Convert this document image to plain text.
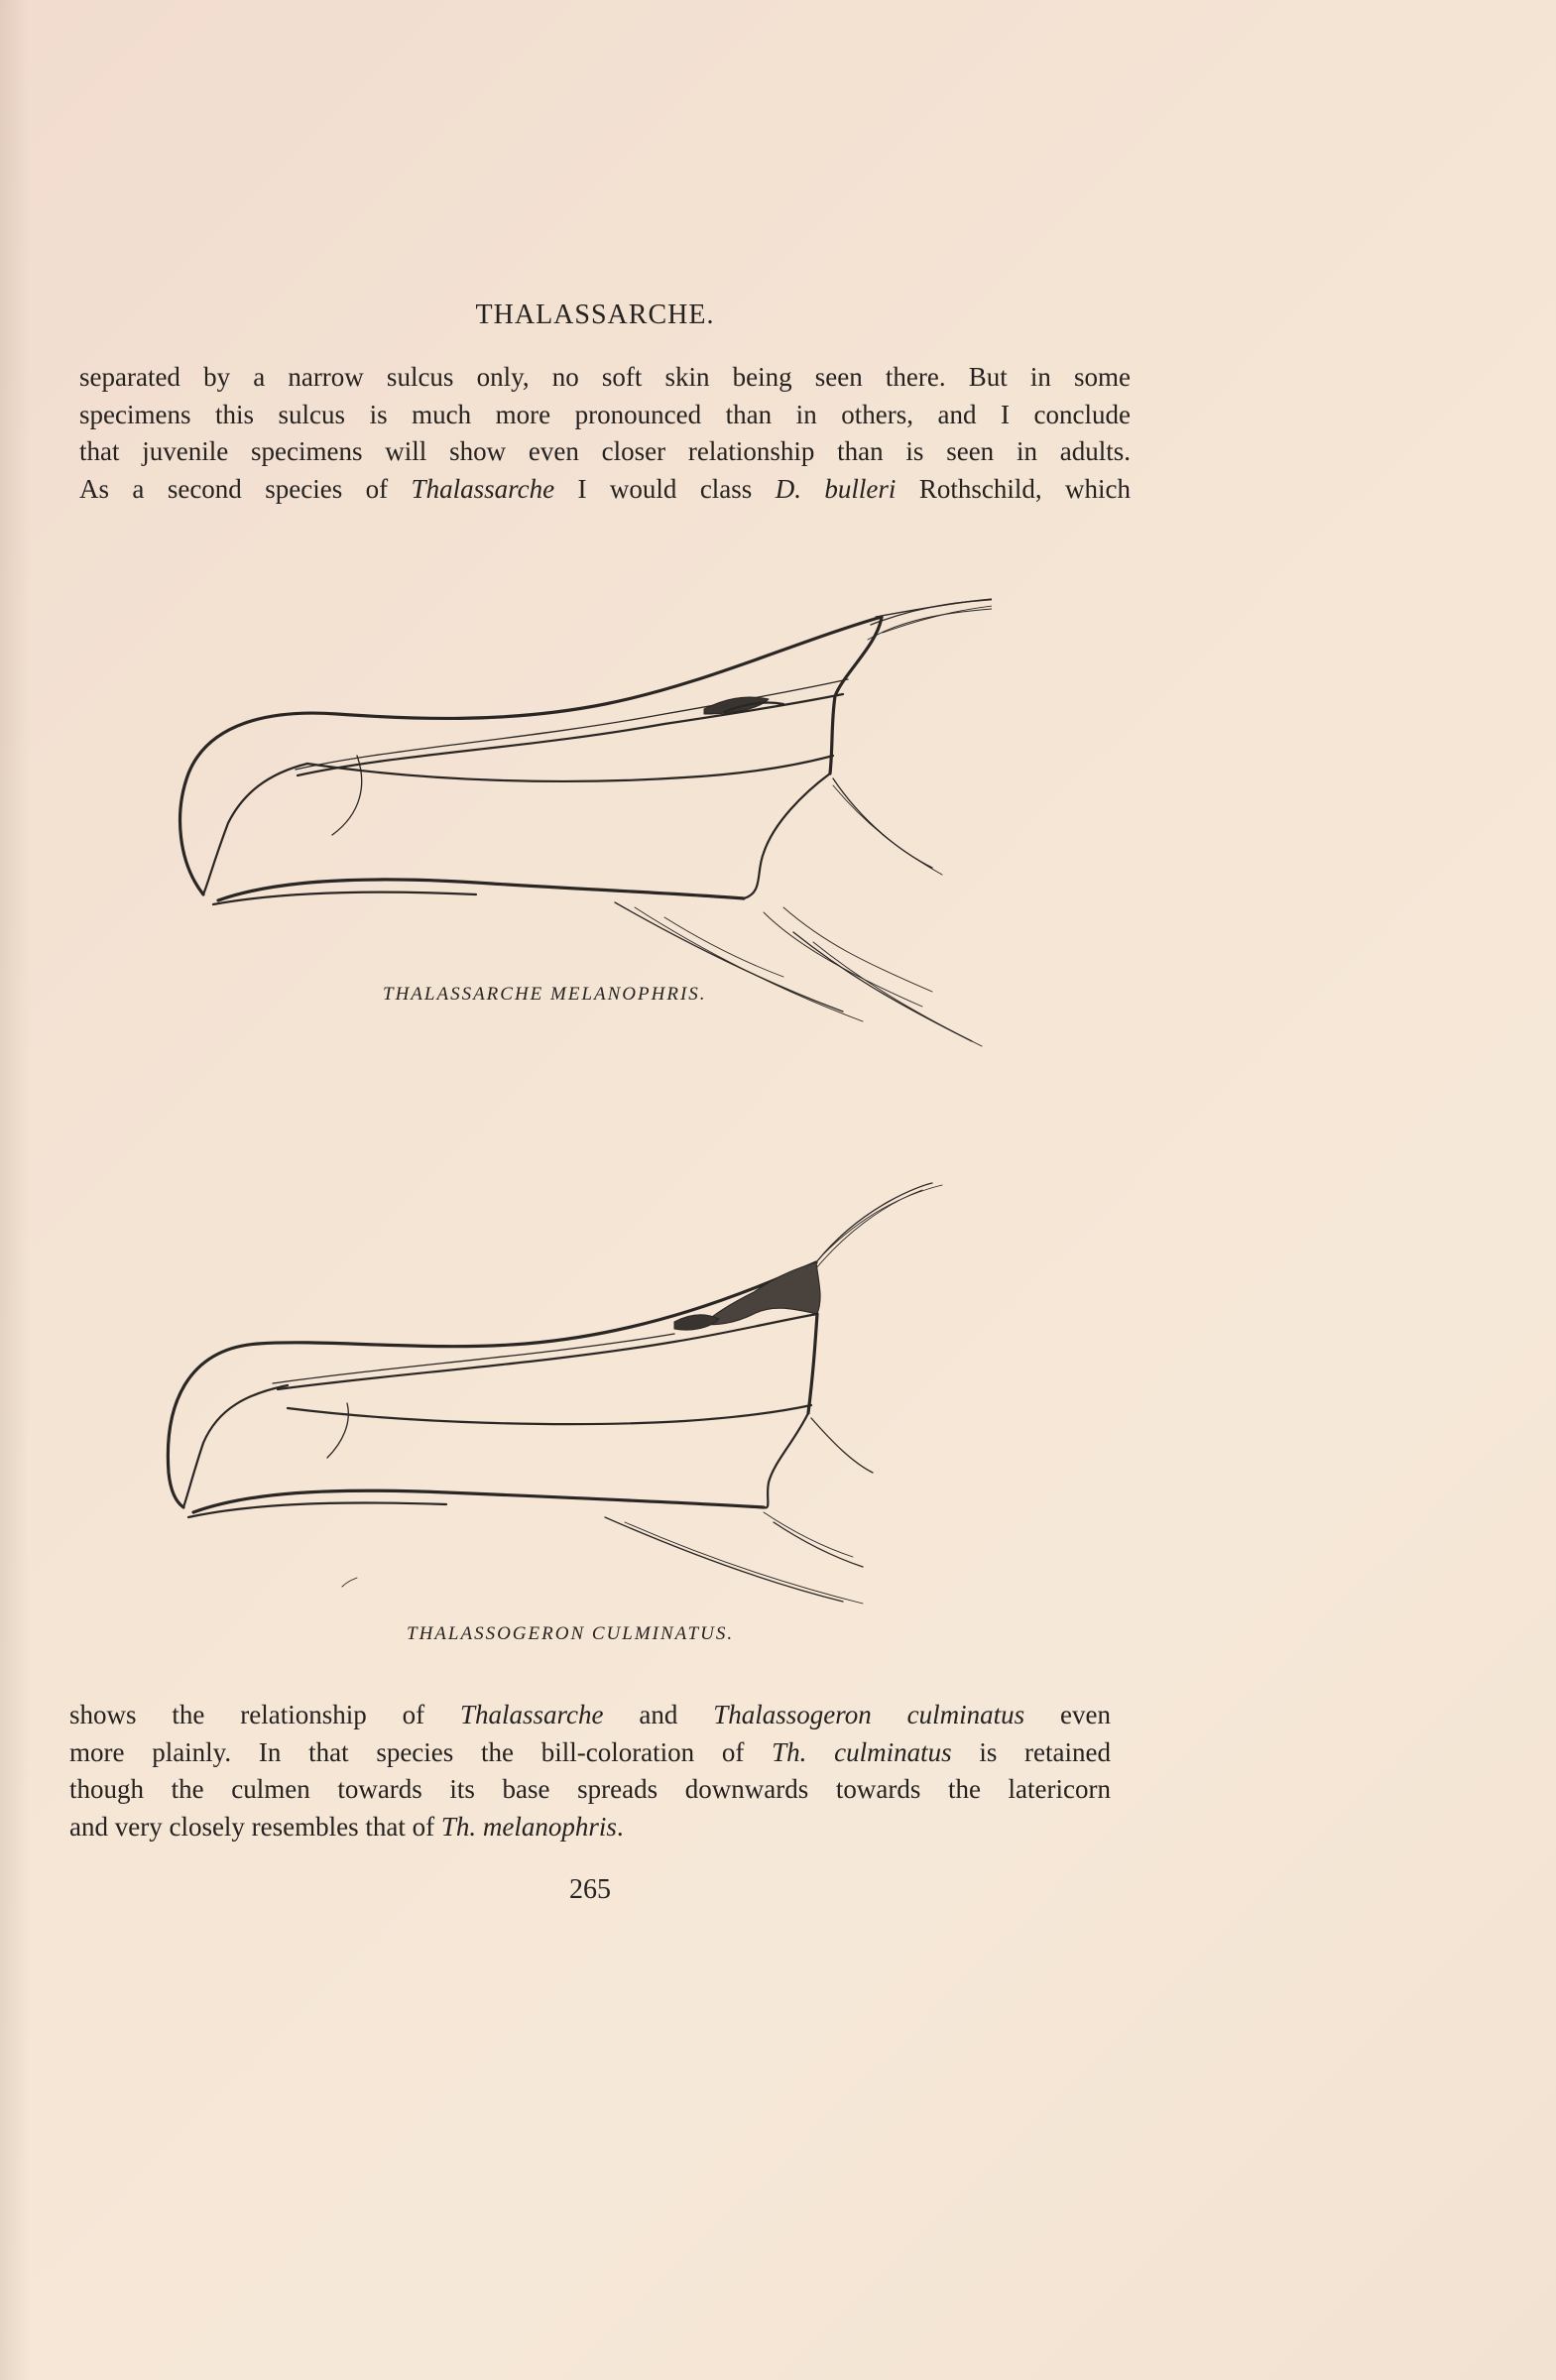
THALASSARCHE.
separated by a narrow sulcus only, no soft skin being seen there. But in some
specimens this sulcus is much more pronounced than in others, and I conclude
that juvenile specimens will show even closer relationship than is seen in adults.
As a second species of Thalassarche I would class D. bulleri Rothschild, which
THALASSARCHE MELANOPHRIS.
THALASSOGERON CULMINATUS.
shows the relationship of Thalassarche and Thalassogeron culminatus even
more plainly. In that species the bill-coloration of Th. culminatus is retained
though the culmen towards its base spreads downwards towards the latericorn
and very closely resembles that of Th. melanophris.
265
